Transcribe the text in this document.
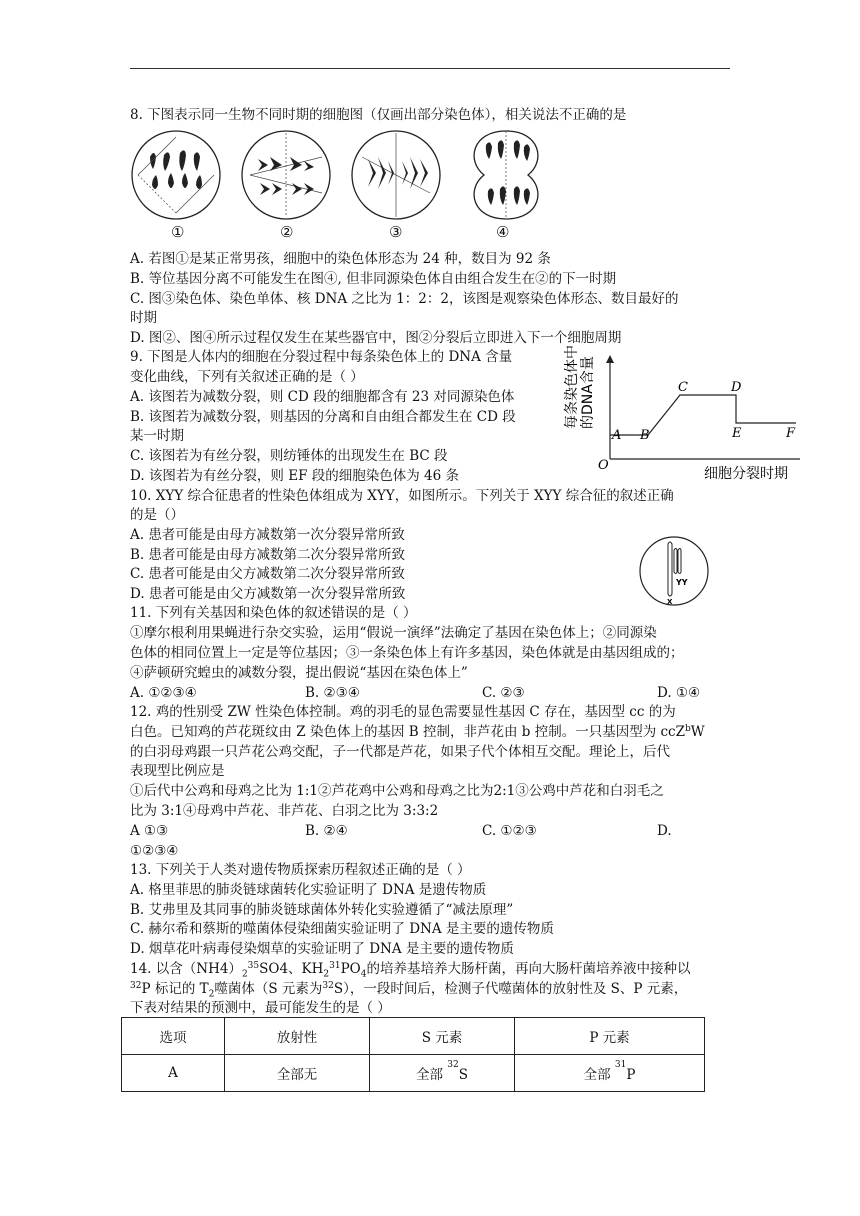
8. 下图表示同一生物不同时期的细胞图（仅画出部分染色体），相关说法不正确的是
①	②	③	④
A. 若图①是某正常男孩，细胞中的染色体形态为 24 种，数目为 92 条
B. 等位基因分离不可能发生在图④, 但非同源染色体自由组合发生在②的下一时期
C. 图③染色体、染色单体、核 DNA 之比为 1：2：2，该图是观察染色体形态、数目最好的
时期
D. 图②、图④所示过程仅发生在某些器官中，图②分裂后立即进入下一个细胞周期
9. 下图是人体内的细胞在分裂过程中每条染色体上的 DNA 含量
变化曲线，下列有关叙述正确的是（ ）
A. 该图若为减数分裂，则 CD 段的细胞都含有 23 对同源染色体
B. 该图若为减数分裂，则基因的分离和自由组合都发生在 CD 段
某一时期
C. 该图若为有丝分裂，则纺锤体的出现发生在 BC 段
D. 该图若为有丝分裂，则 EF 段的细胞染色体为 46 条
每条染色体中 的DNA含量
O
A B
C	D
E	F
细胞分裂时期
10. XYY 综合征患者的性染色体组成为 XYY，如图所示。下列关于 XYY 综合征的叙述正确
的是（）
A. 患者可能是由母方减数第一次分裂异常所致
B. 患者可能是由母方减数第二次分裂异常所致
C. 患者可能是由父方减数第二次分裂异常所致
D. 患者可能是由父方减数第一次分裂异常所致
YY
X
11. 下列有关基因和染色体的叙述错误的是（ ）
①摩尔根利用果蝇进行杂交实验，运用“假说一演绎”法确定了基因在染色体上；②同源染
色体的相同位置上一定是等位基因；③一条染色体上有许多基因，染色体就是由基因组成的；
④萨顿研究蝗虫的减数分裂，提出假说“基因在染色体上”
A. ①②③④	B. ②③④	C. ②③	D. ①④
12. 鸡的性别受 ZW 性染色体控制。鸡的羽毛的显色需要显性基因 C 存在，基因型 cc 的为
白色。已知鸡的芦花斑纹由 Z 染色体上的基因 B 控制，非芦花由 b 控制。一只基因型为 ccZ$^b$W
的白羽母鸡跟一只芦花公鸡交配，子一代都是芦花，如果子代个体相互交配。理论上，后代
表现型比例应是
①后代中公鸡和母鸡之比为 1:1②芦花鸡中公鸡和母鸡之比为2:1③公鸡中芦花和白羽毛之
比为 3:1④母鸡中芦花、非芦花、白羽之比为 3:3:2
A ①③	B. ②④	C. ①②③	D.
①②③④
13. 下列关于人类对遗传物质探索历程叙述正确的是（ ）
A. 格里菲思的肺炎链球菌转化实验证明了 DNA 是遗传物质
B. 艾弗里及其同事的肺炎链球菌体外转化实验遵循了“减法原理”
C. 赫尔希和蔡斯的噬菌体侵染细菌实验证明了 DNA 是主要的遗传物质
D. 烟草花叶病毒侵染烟草的实验证明了 DNA 是主要的遗传物质
14. 以含$(NH4)_2^{35}SO4$、$KH_2^{31}PO_4$的培养基培养大肠杆菌，再向大肠杆菌培养液中接种以
$^{32}$P 标记的 $T_2$噬菌体（S 元素为$^{32}$S），一段时间后，检测子代噬菌体的放射性及 S、P 元素，
下表对结果的预测中，最可能发生的是（ ）
选项	放射性	S 元素	P 元素
A	全部无	全部 $^{32}$S	全部 $^{31}$P
